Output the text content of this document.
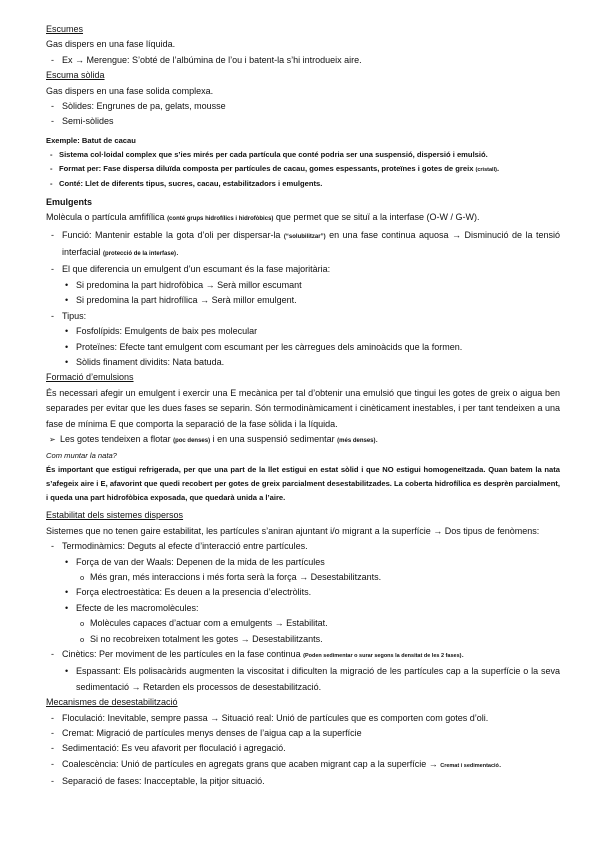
Escumes

Gas dispers en una fase líquida.

- Ex → Merengue: S’obté de l’albúmina de l’ou i batent-la s’hi introdueix aire.

Escuma sòlida

Gas dispers en una fase solida complexa.

- Sòlides: Engrunes de pa, gelats, mousse
- Semi-sòlides

Exemple: Batut de cacau

- Sistema col·loidal complex que s’ies mirés per cada partícula que conté podria ser una suspensió, dispersió i emulsió.
- Format per: Fase dispersa diluïda composta per partícules de cacau, gomes espessants, proteïnes i gotes de greix (cristall).
- Conté: Llet de diferents tipus, sucres, cacau, estabilitzadors i emulgents.

Emulgents

Molècula o partícula amfifílica (conté grups hidrofílics i hidrofòbics) que permet que se situï a la interfase (O-W / G-W).

- Funció: Mantenir estable la gota d’oli per dispersar-la (“solubilitzar”) en una fase continua aquosa → Disminució de la tensió interfacial (protecció de la interfase).
- El que diferencia un emulgent d’un escumant és la fase majoritària:
• Si predomina la part hidrofòbica → Serà millor escumant
• Si predomina la part hidrofílica → Serà millor emulgent.
- Tipus:
• Fosfolípids: Emulgents de baix pes molecular
• Proteïnes: Efecte tant emulgent com escumant per les càrregues dels aminoàcids que la formen.
• Sòlids finament dividits: Nata batuda.

Formació d’emulsions

És necessari afegir un emulgent i exercir una E mecànica per tal d’obtenir una emulsió que tingui les gotes de greix o aigua ben separades per evitar que les dues fases se separin. Són termodinàmicament i cinèticament inestables, i per tant tendeixen a una fase de mínima E que comporta la separació de la fase sòlida i la líquida.

➢ Les gotes tendeixen a flotar (poc denses) i en una suspensió sedimentar (més denses).

Com muntar la nata?

És important que estigui refrigerada, per que una part de la llet estigui en estat sòlid i que NO estigui homogeneïtzada. Quan batem la nata s’afegeix aire i E, afavorint que quedi recobert per gotes de greix parcialment desestabilitzades. La coberta hidrofílica es desprèn parcialment, i queda una part hidrofòbica exposada, que quedarà unida a l’aire.

Estabilitat dels sistemes dispersos

Sistemes que no tenen gaire estabilitat, les partícules s’aniran ajuntant i/o migrant a la superfície → Dos tipus de fenòmens:

- Termodinàmics: Deguts al efecte d’interacció entre partícules.
• Força de van der Waals: Depenen de la mida de les partícules
o Més gran, més interaccions i més forta serà la força → Desestabilitzants.
• Força electroestàtica: Es deuen a la presencia d’electròlits.
• Efecte de les macromolècules:
o Molècules capaces d’actuar com a emulgents → Estabilitat.
o Si no recobreixen totalment les gotes → Desestabilitzants.
- Cinètics: Per moviment de les partícules en la fase continua (Poden sedimentar o surar segons la densitat de les 2 fases).
• Espassant: Els polisacàrids augmenten la viscositat i dificulten la migració de les partícules cap a la superfície o la seva sedimentació → Retarden els processos de desestabilització.

Mecanismes de desestabilització

- Floculació: Inevitable, sempre passa → Situació real: Unió de partícules que es comporten com gotes d’oli.
- Cremat: Migració de partícules menys denses de l’aigua cap a la superfície
- Sedimentació: Es veu afavorit per floculació i agregació.
- Coalescència: Unió de partícules en agregats grans que acaben migrant cap a la superfície → Cremat i sedimentació.
- Separació de fases: Inacceptable, la pitjor situació.
